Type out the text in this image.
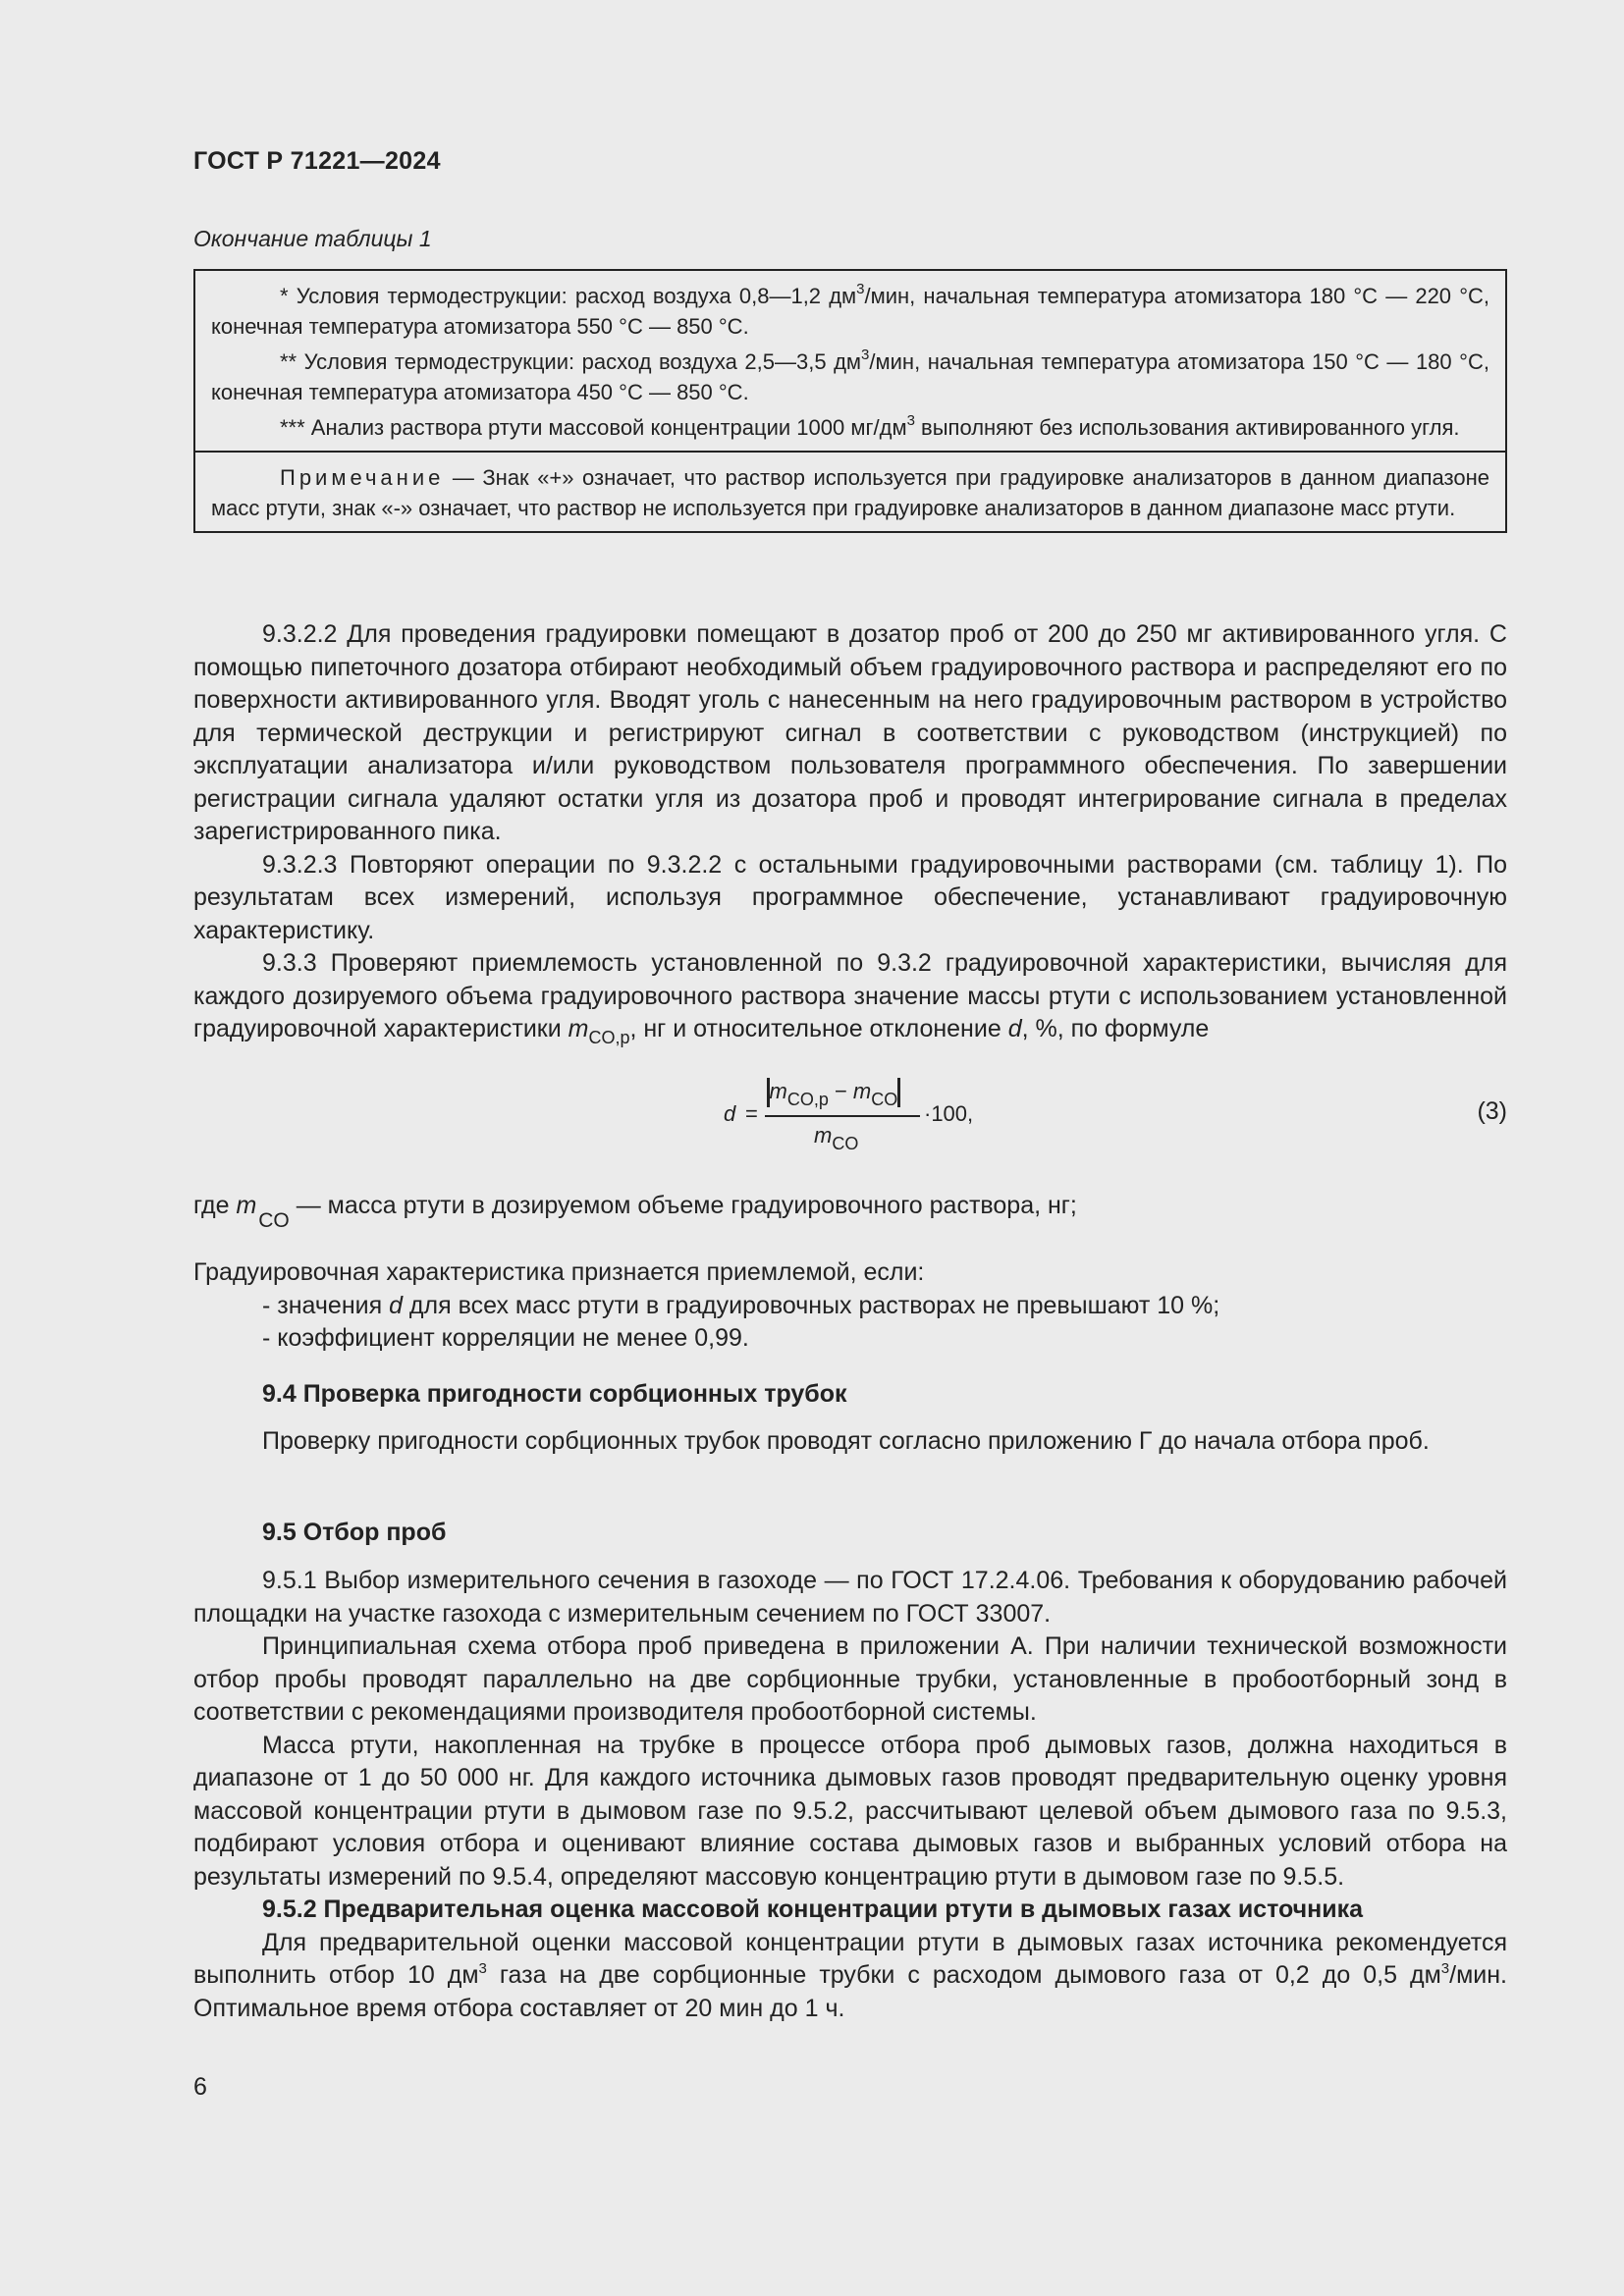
ГОСТ Р 71221—2024
Окончание таблицы 1

* Условия термодеструкции: расход воздуха 0,8—1,2 $дм^3$/мин, начальная температура атомизатора 180 °С — 220 °С, конечная температура атомизатора 550 °С — 850 °С.

** Условия термодеструкции: расход воздуха 2,5—3,5 $дм^3$/мин, начальная температура атомизатора 150 °С — 180 °С, конечная температура атомизатора 450 °С — 850 °С.

*** Анализ раствора ртути массовой концентрации 1000 $мг/дм^3$ выполняют без использования активированного угля.

Примечание — Знак «+» означает, что раствор используется при градуировке анализаторов в данном диапазоне масс ртути, знак «-» означает, что раствор не используется при градуировке анализаторов в данном диапазоне масс ртути.

9.3.2.2 Для проведения градуировки помещают в дозатор проб от 200 до 250 мг активированного угля. С помощью пипеточного дозатора отбирают необходимый объем градуировочного раствора и распределяют его по поверхности активированного угля. Вводят уголь с нанесенным на него градуировочным раствором в устройство для термической деструкции и регистрируют сигнал в соответствии с руководством (инструкцией) по эксплуатации анализатора и/или руководством пользователя программного обеспечения. По завершении регистрации сигнала удаляют остатки угля из дозатора проб и проводят интегрирование сигнала в пределах зарегистрированного пика.

9.3.2.3 Повторяют операции по 9.3.2.2 с остальными градуировочными растворами (см. таблицу 1). По результатам всех измерений, используя программное обеспечение, устанавливают градуировочную характеристику.

9.3.3 Проверяют приемлемость установленной по 9.3.2 градуировочной характеристики, вычисляя для каждого дозируемого объема градуировочного раствора значение массы ртути с использованием установленной градуировочной характеристики $m_{CO,p}$, нг и относительное отклонение d, %, по формуле

d =
$m_{CO,p} - m_{CO}$
$m_{CO}$
·100,	(3)
где $m_{CO}$ — масса ртути в дозируемом объеме градуировочного раствора, нг;

Градуировочная характеристика признается приемлемой, если:

- значения d для всех масс ртути в градуировочных растворах не превышают 10 %;

- коэффициент корреляции не менее 0,99.

9.4 Проверка пригодности сорбционных трубок

Проверку пригодности сорбционных трубок проводят согласно приложению Г до начала отбора проб.

9.5 Отбор проб

9.5.1 Выбор измерительного сечения в газоходе — по ГОСТ 17.2.4.06. Требования к оборудованию рабочей площадки на участке газохода с измерительным сечением по ГОСТ 33007.

Принципиальная схема отбора проб приведена в приложении А. При наличии технической возможности отбор пробы проводят параллельно на две сорбционные трубки, установленные в пробоотборный зонд в соответствии с рекомендациями производителя пробоотборной системы.

Масса ртути, накопленная на трубке в процессе отбора проб дымовых газов, должна находиться в диапазоне от 1 до 50 000 нг. Для каждого источника дымовых газов проводят предварительную оценку уровня массовой концентрации ртути в дымовом газе по 9.5.2, рассчитывают целевой объем дымового газа по 9.5.3, подбирают условия отбора и оценивают влияние состава дымовых газов и выбранных условий отбора на результаты измерений по 9.5.4, определяют массовую концентрацию ртути в дымовом газе по 9.5.5.

9.5.2 Предварительная оценка массовой концентрации ртути в дымовых газах источника

Для предварительной оценки массовой концентрации ртути в дымовых газах источника рекомендуется выполнить отбор 10 $дм^3$ газа на две сорбционные трубки с расходом дымового газа от 0,2 до 0,5 $дм^3$/мин. Оптимальное время отбора составляет от 20 мин до 1 ч.

6
